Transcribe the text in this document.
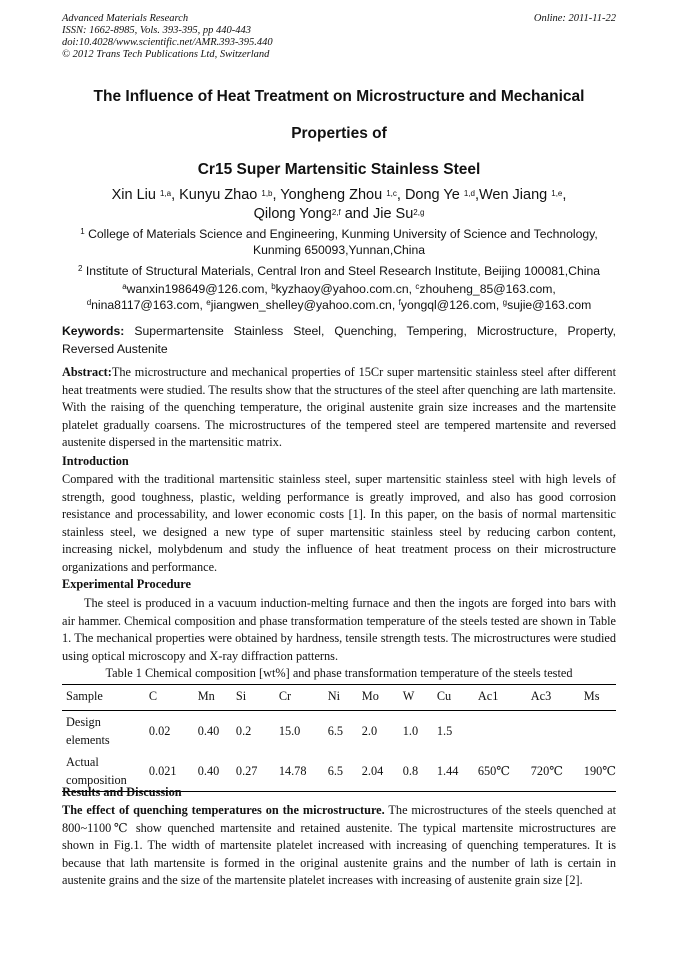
Advanced Materials Research
ISSN: 1662-8985, Vols. 393-395, pp 440-443
doi:10.4028/www.scientific.net/AMR.393-395.440
© 2012 Trans Tech Publications Ltd, Switzerland
Online: 2011-11-22
The Influence of Heat Treatment on Microstructure and Mechanical
Properties of
Cr15 Super Martensitic Stainless Steel
Xin Liu $^{1,a}$, Kunyu Zhao $^{1,b}$, Yongheng Zhou $^{1,c}$, Dong Ye $^{1,d}$,Wen Jiang $^{1,e}$,
Qilong Yong$^{2,f}$ and Jie Su$^{2,g}$
$^1$ College of Materials Science and Engineering, Kunming University of Science and Technology,
Kunming 650093,Yunnan,China
$^2$ Institute of Structural Materials, Central Iron and Steel Research Institute, Beijing 100081,China
$^a$wanxin198649@126.com, $^b$kyzhaoy@yahoo.com.cn, $^c$zhouheng_85@163.com,
$^d$nina8117@163.com, $^e$jiangwen_shelley@yahoo.com.cn, $^f$yongql@126.com, $^g$sujie@163.com
Keywords: Supermartensite Stainless Steel, Quenching, Tempering, Microstructure, Property, Reversed Austenite
Abstract:The microstructure and mechanical properties of 15Cr super martensitic stainless steel after different heat treatments were studied. The results show that the structures of the steel after quenching are lath martensite. With the raising of the quenching temperature, the original austenite grain size increases and the martensite platelet gradually coarsens. The microstructures of the tempered steel are tempered martensite and reversed austenite dispersed in the martensitic matrix.
Introduction
Compared with the traditional martensitic stainless steel, super martensitic stainless steel with high levels of strength, good toughness, plastic, welding performance is greatly improved, and also has good corrosion resistance and processability, and lower economic costs [1]. In this paper, on the basis of normal martensitic stainless steel, we designed a new type of super martensitic stainless steel by reducing carbon content, increasing nickel, molybdenum and study the influence of heat treatment process on their microstructure organizations and performance.
Experimental Procedure
The steel is produced in a vacuum induction-melting furnace and then the ingots are forged into bars with air hammer. Chemical composition and phase transformation temperature of the steels tested are shown in Table 1. The mechanical properties were obtained by hardness, tensile strength tests. The microstructures were studied using optical microscopy and X-ray diffraction patterns.
Table 1 Chemical composition [wt%] and phase transformation temperature of the steels tested
Sample	C	Mn	Si	Cr	Ni	Mo	W	Cu	Ac1	Ac3	Ms
Design elements	0.02	0.40	0.2	15.0	6.5	2.0	1.0	1.5			
Actual composition	0.021	0.40	0.27	14.78	6.5	2.04	0.8	1.44	650℃	720℃	190℃
Results and Discussion
The effect of quenching temperatures on the microstructure. The microstructures of the steels quenched at 800~1100℃ show quenched martensite and retained austenite. The typical martensite microstructures are shown in Fig.1. The width of martensite platelet increased with increasing of quenching temperatures. It is because that lath martensite is formed in the original austenite grains and the number of lath is certain in austenite grains and the size of the martensite platelet increases with increasing of austenite grain size [2].
